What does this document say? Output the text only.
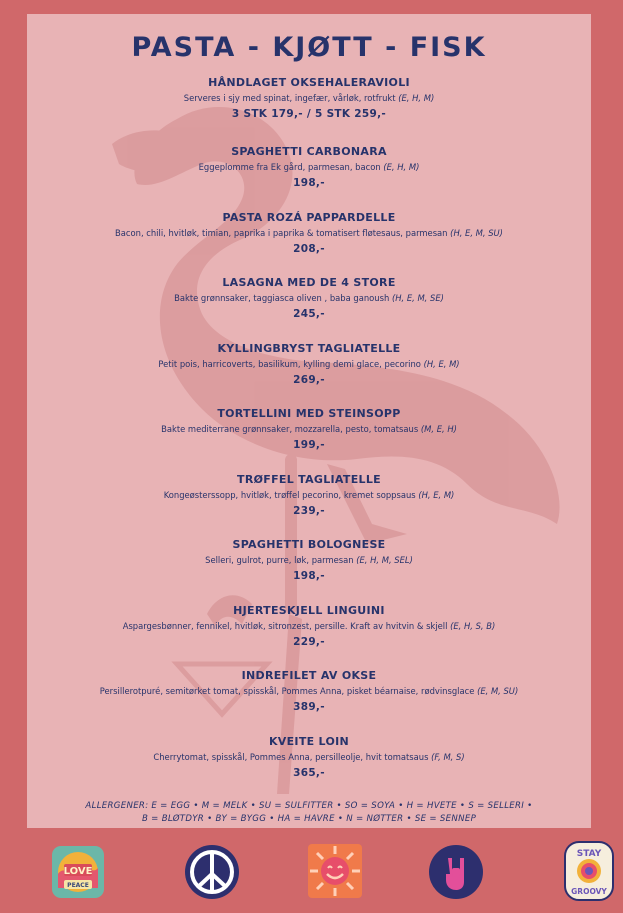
PASTA - KJØTT - FISK
HÅNDLAGET OKSEHALERAVIOLI
Serveres i sjy med spinat, ingefær, vårløk, rotfrukt (E, H, M)
3 STK 179,- / 5 STK 259,-
SPAGHETTI CARBONARA
Eggeplomme fra Ek gård, parmesan, bacon (E, H, M)
198,-
PASTA ROZÁ PAPPARDELLE
Bacon, chili, hvitløk, timian, paprika i paprika & tomatisert fløtesaus, parmesan (H, E, M, SU)
208,-
LASAGNA MED DE 4 STORE
Bakte grønnsaker, taggiasca oliven , baba ganoush (H, E, M, SE)
245,-
KYLLINGBRYST TAGLIATELLE
Petit pois, harricoverts, basilikum, kylling demi glace, pecorino (H, E, M)
269,-
TORTELLINI MED STEINSOPP
Bakte mediterrane grønnsaker, mozzarella, pesto, tomatsaus (M, E, H)
199,-
TRØFFEL TAGLIATELLE
Kongeøsterssopp, hvitløk, trøffel pecorino, kremet soppsaus (H, E, M)
239,-
SPAGHETTI BOLOGNESE
Selleri, gulrot, purre, løk, parmesan (E, H, M, SEL)
198,-
HJERTESKJELL LINGUINI
Aspargesbønner, fennikel, hvitløk, sitronzest, persille. Kraft av hvitvin & skjell (E, H, S, B)
229,-
INDREFILET AV OKSE
Persillerotpuré, semitørket tomat, spisskål, Pommes Anna, pisket béarnaise, rødvinsglace (E, M, SU)
389,-
KVEITE LOIN
Cherrytomat, spisskål, Pommes Anna, persilleolje, hvit tomatsaus (F, M, S)
365,-
ALLERGENER: E = EGG • M = MELK • SU = SULFITTER • SO = SOYA • H = HVETE • S = SELLERI •
B = BLØTDYR • BY = BYGG • HA = HAVRE • N = NØTTER • SE = SENNEP
LOVE
PEACE
STAY
GROOVY
